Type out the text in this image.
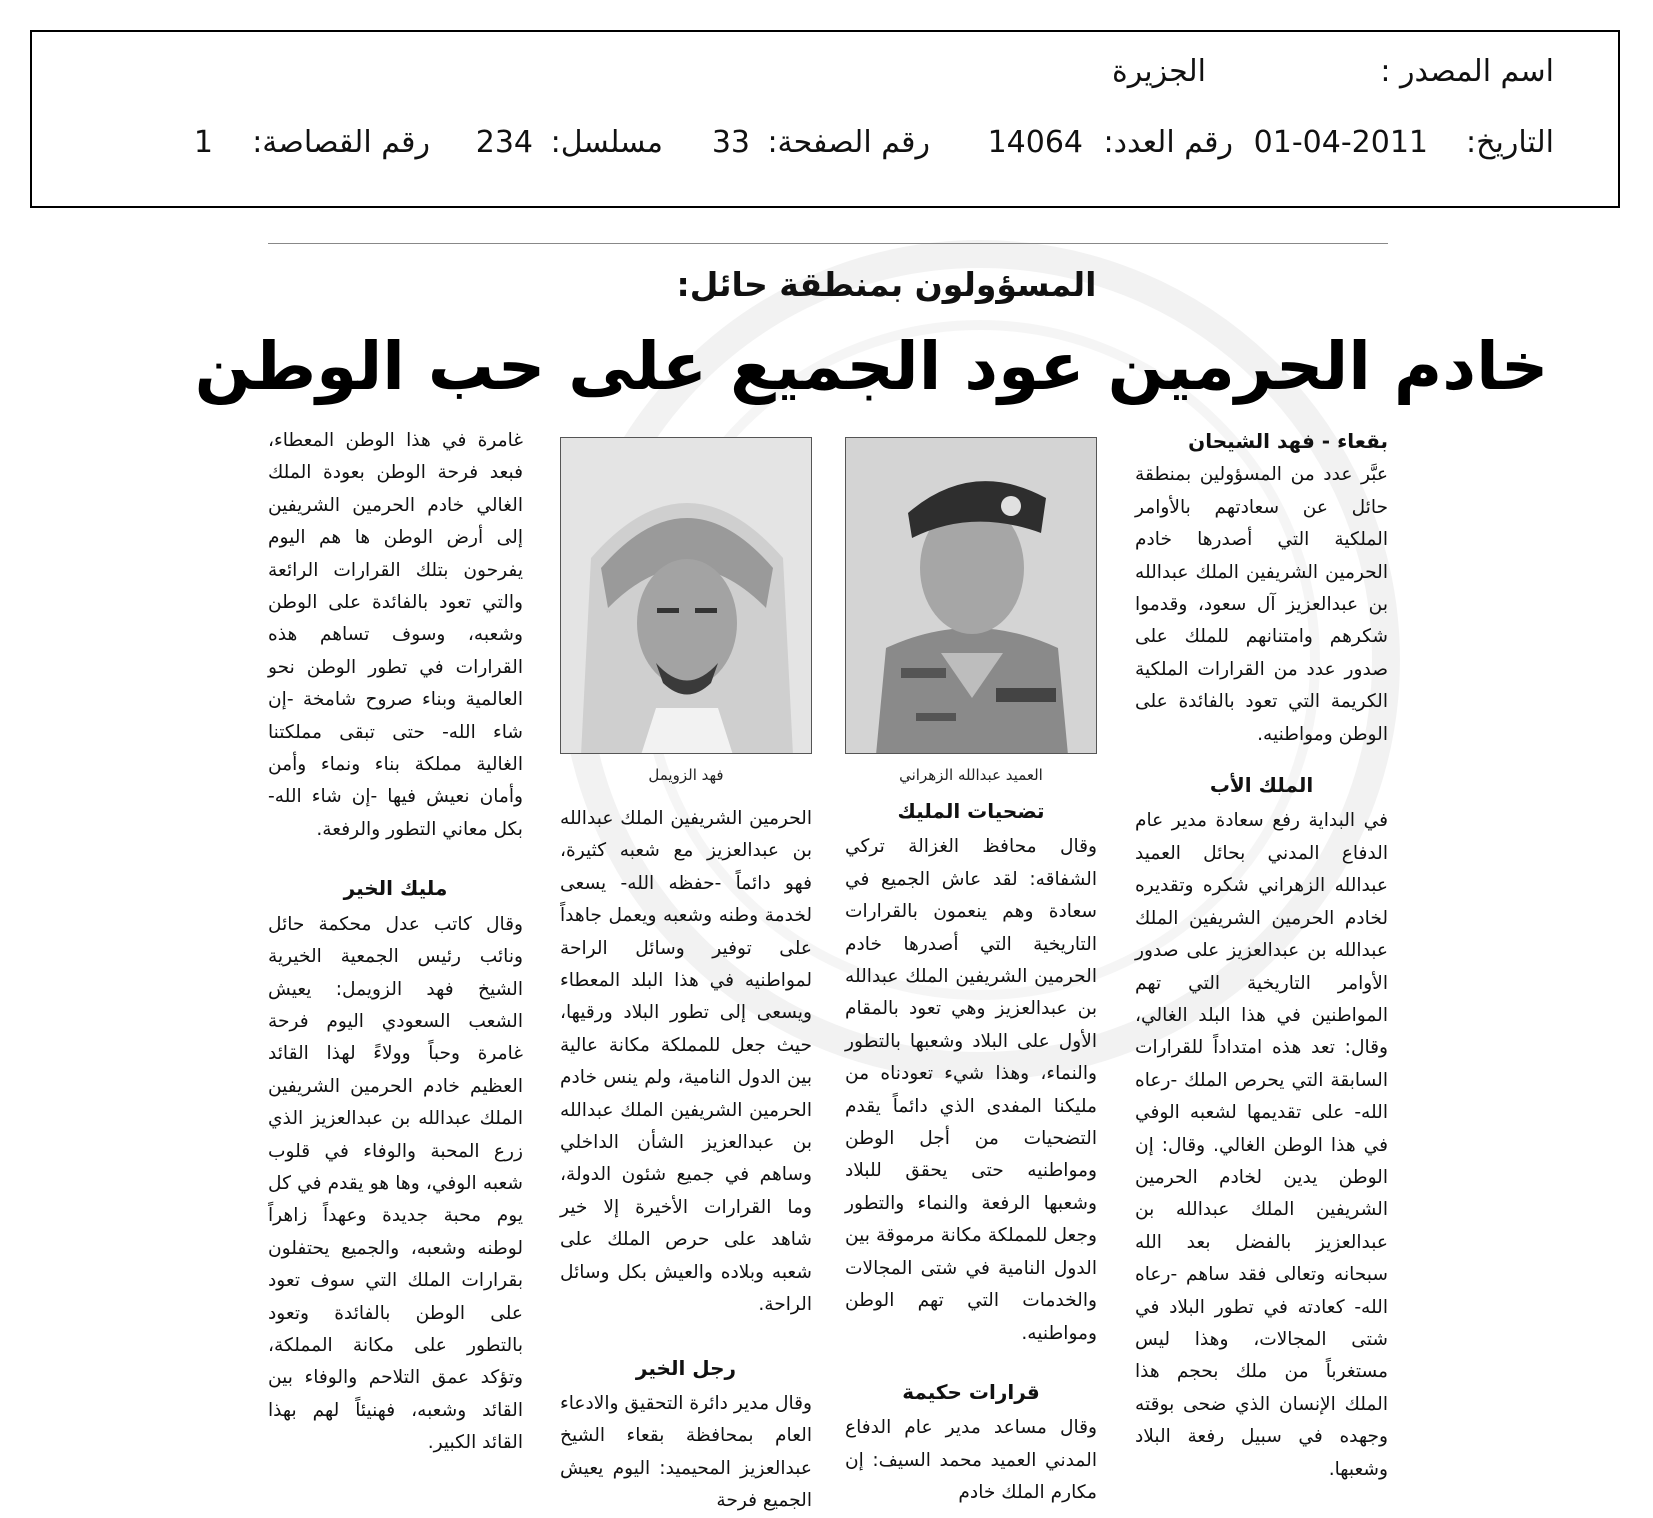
اسم المصدر :
الجزيرة
التاريخ:
01-04-2011
رقم العدد:
14064
رقم الصفحة:
33
مسلسل:
234
رقم القصاصة:
1
المسؤولون بمنطقة حائل:
خادم الحرمين عود الجميع على حب الوطن
بقعاء - فهد الشيحان

عبَّر عدد من المسؤولين بمنطقة حائل عن سعادتهم بالأوامر الملكية التي أصدرها خادم الحرمين الشريفين الملك عبدالله بن عبدالعزيز آل سعود، وقدموا شكرهم وامتنانهم للملك على صدور عدد من القرارات الملكية الكريمة التي تعود بالفائدة على الوطن ومواطنيه.

الملك الأب

في البداية رفع سعادة مدير عام الدفاع المدني بحائل العميد عبدالله الزهراني شكره وتقديره لخادم الحرمين الشريفين الملك عبدالله بن عبدالعزيز على صدور الأوامر التاريخية التي تهم المواطنين في هذا البلد الغالي، وقال: تعد هذه امتداداً للقرارات السابقة التي يحرص الملك -رعاه الله- على تقديمها لشعبه الوفي في هذا الوطن الغالي. وقال: إن الوطن يدين لخادم الحرمين الشريفين الملك عبدالله بن عبدالعزيز بالفضل بعد الله سبحانه وتعالى فقد ساهم -رعاه الله- كعادته في تطور البلاد في شتى المجالات، وهذا ليس مستغرباً من ملك بحجم هذا الملك الإنسان الذي ضحى بوقته وجهده في سبيل رفعة البلاد وشعبها.

العميد عبدالله الزهراني
فهد الزويمل
تضحيات المليك

وقال محافظ الغزالة تركي الشفاقه: لقد عاش الجميع في سعادة وهم ينعمون بالقرارات التاريخية التي أصدرها خادم الحرمين الشريفين الملك عبدالله بن عبدالعزيز وهي تعود بالمقام الأول على البلاد وشعبها بالتطور والنماء، وهذا شيء تعودناه من مليكنا المفدى الذي دائماً يقدم التضحيات من أجل الوطن ومواطنيه حتى يحقق للبلاد وشعبها الرفعة والنماء والتطور وجعل للمملكة مكانة مرموقة بين الدول النامية في شتى المجالات والخدمات التي تهم الوطن ومواطنيه.

قرارات حكيمة

وقال مساعد مدير عام الدفاع المدني العميد محمد السيف: إن مكارم الملك خادم

الحرمين الشريفين الملك عبدالله بن عبدالعزيز مع شعبه كثيرة، فهو دائماً -حفظه الله- يسعى لخدمة وطنه وشعبه ويعمل جاهداً على توفير وسائل الراحة لمواطنيه في هذا البلد المعطاء ويسعى إلى تطور البلاد ورقيها، حيث جعل للمملكة مكانة عالية بين الدول النامية، ولم ينس خادم الحرمين الشريفين الملك عبدالله بن عبدالعزيز الشأن الداخلي وساهم في جميع شئون الدولة، وما القرارات الأخيرة إلا خير شاهد على حرص الملك على شعبه وبلاده والعيش بكل وسائل الراحة.

رجل الخير

وقال مدير دائرة التحقيق والادعاء العام بمحافظة بقعاء الشيخ عبدالعزيز المحيميد: اليوم يعيش الجميع فرحة

غامرة في هذا الوطن المعطاء، فبعد فرحة الوطن بعودة الملك الغالي خادم الحرمين الشريفين إلى أرض الوطن ها هم اليوم يفرحون بتلك القرارات الرائعة والتي تعود بالفائدة على الوطن وشعبه، وسوف تساهم هذه القرارات في تطور الوطن نحو العالمية وبناء صروح شامخة -إن شاء الله- حتى تبقى مملكتنا الغالية مملكة بناء ونماء وأمن وأمان نعيش فيها -إن شاء الله- بكل معاني التطور والرفعة.

مليك الخير

وقال كاتب عدل محكمة حائل ونائب رئيس الجمعية الخيرية الشيخ فهد الزويمل: يعيش الشعب السعودي اليوم فرحة غامرة وحباً وولاءً لهذا القائد العظيم خادم الحرمين الشريفين الملك عبدالله بن عبدالعزيز الذي زرع المحبة والوفاء في قلوب شعبه الوفي، وها هو يقدم في كل يوم محبة جديدة وعهداً زاهراً لوطنه وشعبه، والجميع يحتفلون بقرارات الملك التي سوف تعود على الوطن بالفائدة وتعود بالتطور على مكانة المملكة، وتؤكد عمق التلاحم والوفاء بين القائد وشعبه، فهنيئاً لهم بهذا القائد الكبير.
